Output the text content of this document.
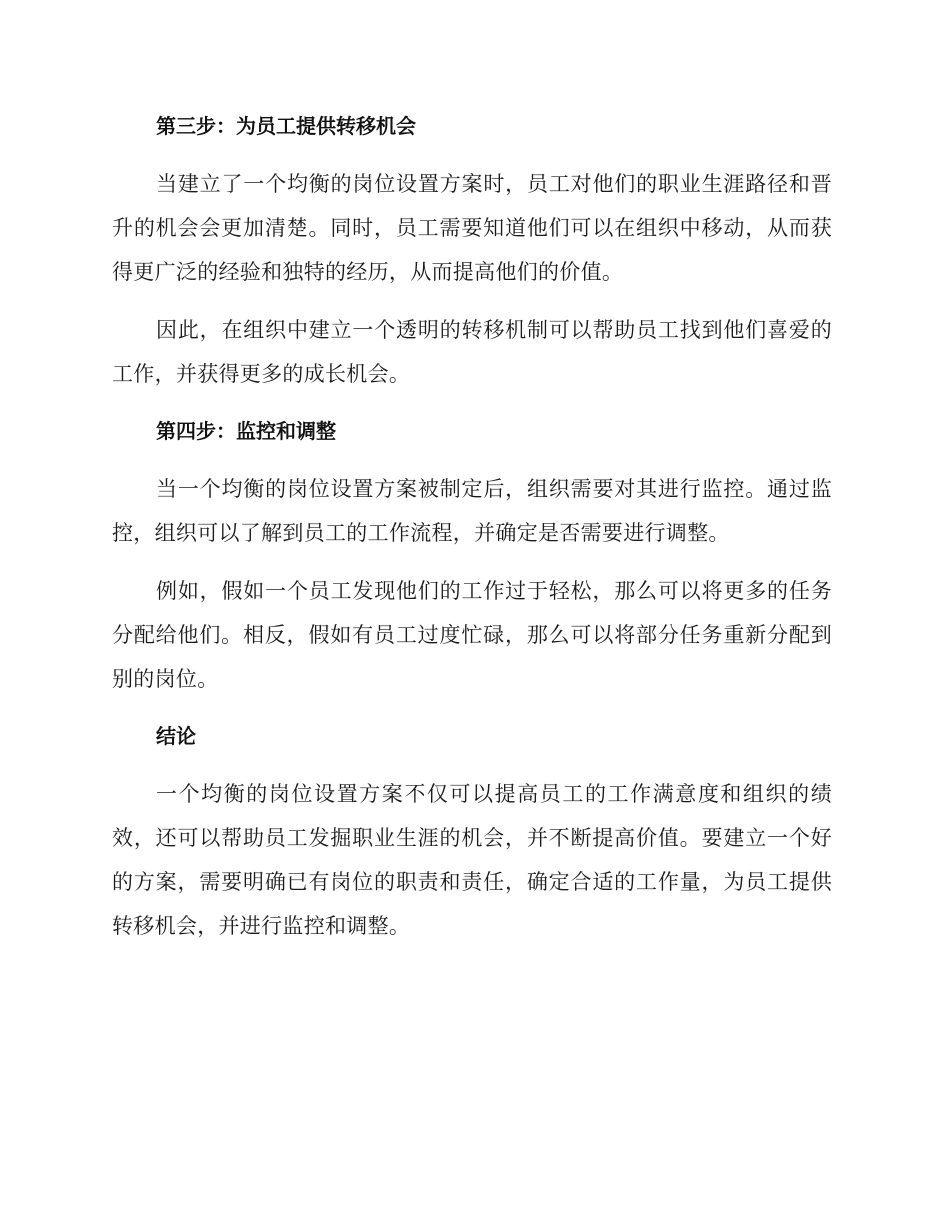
第三步：为员工提供转移机会

当建立了一个均衡的岗位设置方案时，员工对他们的职业生涯路径和晋升的机会会更加清楚。同时，员工需要知道他们可以在组织中移动，从而获得更广泛的经验和独特的经历，从而提高他们的价值。

因此，在组织中建立一个透明的转移机制可以帮助员工找到他们喜爱的工作，并获得更多的成长机会。

第四步：监控和调整

当一个均衡的岗位设置方案被制定后，组织需要对其进行监控。通过监控，组织可以了解到员工的工作流程，并确定是否需要进行调整。

例如，假如一个员工发现他们的工作过于轻松，那么可以将更多的任务分配给他们。相反，假如有员工过度忙碌，那么可以将部分任务重新分配到别的岗位。

结论

一个均衡的岗位设置方案不仅可以提高员工的工作满意度和组织的绩效，还可以帮助员工发掘职业生涯的机会，并不断提高价值。要建立一个好的方案，需要明确已有岗位的职责和责任，确定合适的工作量，为员工提供转移机会，并进行监控和调整。
